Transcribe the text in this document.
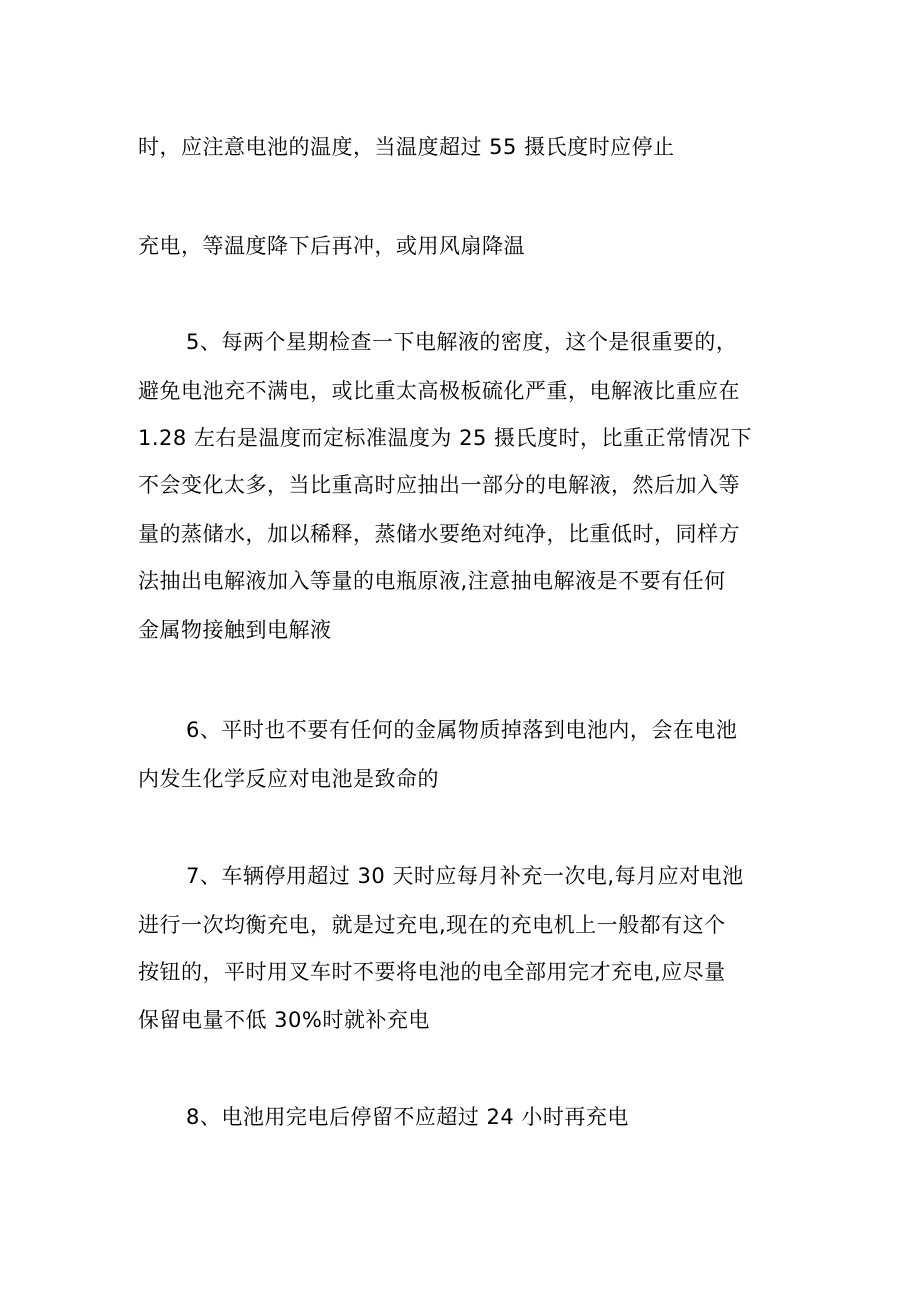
时，应注意电池的温度，当温度超过 55 摄氏度时应停止
充电，等温度降下后再冲，或用风扇降温
5、每两个星期检查一下电解液的密度，这个是很重要的，
避免电池充不满电，或比重太高极板硫化严重，电解液比重应在
1.28 左右是温度而定标准温度为 25 摄氏度时，比重正常情况下
不会变化太多，当比重高时应抽出一部分的电解液，然后加入等
量的蒸储水，加以稀释，蒸储水要绝对纯净，比重低时，同样方
法抽出电解液加入等量的电瓶原液,注意抽电解液是不要有任何
金属物接触到电解液
6、平时也不要有任何的金属物质掉落到电池内，会在电池
内发生化学反应对电池是致命的
7、车辆停用超过 30 天时应每月补充一次电,每月应对电池
进行一次均衡充电，就是过充电,现在的充电机上一般都有这个
按钮的，平时用叉车时不要将电池的电全部用完才充电,应尽量
保留电量不低 30%时就补充电
8、电池用完电后停留不应超过 24 小时再充电
